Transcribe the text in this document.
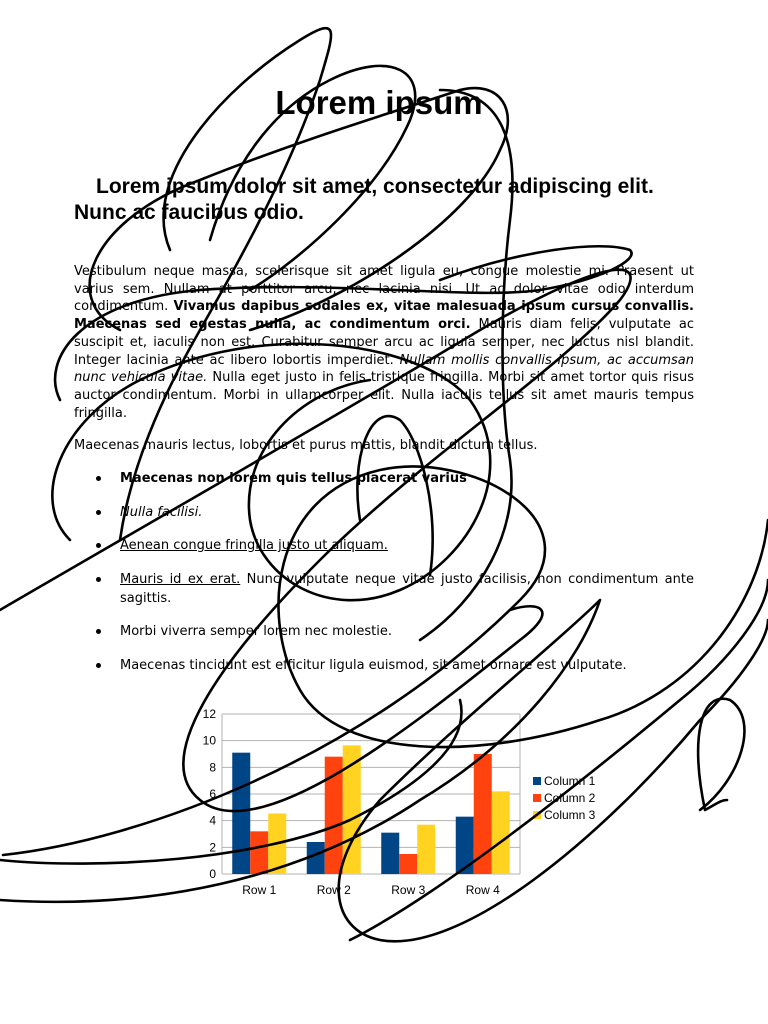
Lorem ipsum
Lorem ipsum dolor sit amet, consectetur adipiscing elit. Nunc ac faucibus odio.

Vestibulum neque massa, scelerisque sit amet ligula eu, congue molestie mi. Praesent ut varius sem. Nullam at porttitor arcu, nec lacinia nisi. Ut ac dolor vitae odio interdum condimentum. Vivamus dapibus sodales ex, vitae malesuada ipsum cursus convallis. Maecenas sed egestas nulla, ac condimentum orci. Mauris diam felis, vulputate ac suscipit et, iaculis non est. Curabitur semper arcu ac ligula semper, nec luctus nisl blandit. Integer lacinia ante ac libero lobortis imperdiet. Nullam mollis convallis ipsum, ac accumsan nunc vehicula vitae. Nulla eget justo in felis tristique fringilla. Morbi sit amet tortor quis risus auctor condimentum. Morbi in ullamcorper elit. Nulla iaculis tellus sit amet mauris tempus fringilla.

Maecenas mauris lectus, lobortis et purus mattis, blandit dictum tellus.

Maecenas non lorem quis tellus placerat varius
Nulla facilisi.
Aenean congue fringilla justo ut aliquam.
Mauris id ex erat. Nunc vulputate neque vitae justo facilisis, non condimentum ante sagittis.
Morbi viverra semper lorem nec molestie.
Maecenas tincidunt est efficitur ligula euismod, sit amet ornare est vulputate.
0
2
4
6
8
10
12
Row 1	Row 2	Row 3	Row 4
Column 1
Column 2
Column 3
